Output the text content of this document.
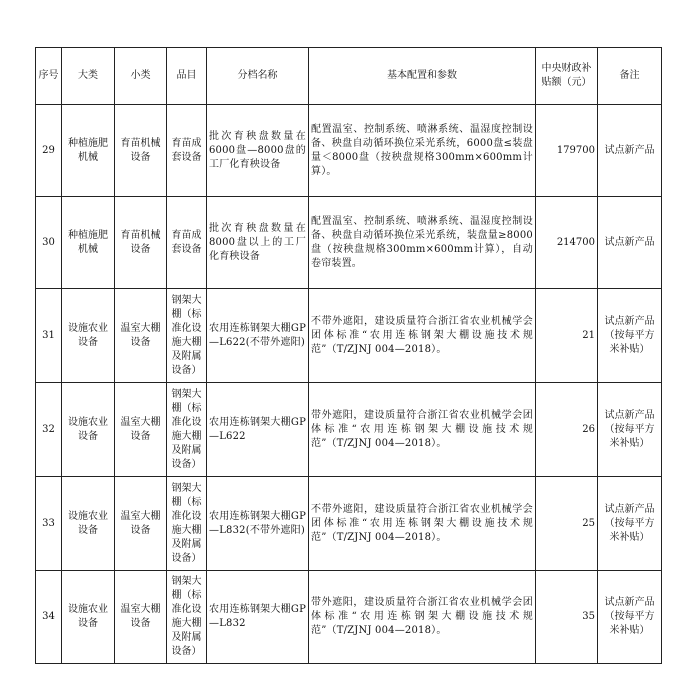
序号	大类	小类	品目	分档名称	基本配置和参数	中央财政补贴额（元）	备注
29	种植施肥机械	育苗机械设备	育苗成套设备	批次育秧盘数量在6000盘—8000盘的工厂化育秧设备	配置温室、控制系统、喷淋系统、温湿度控制设备、秧盘自动循环换位采光系统，6000盘≤装盘量＜8000盘（按秧盘规格300mm×600mm计算）。	179700	试点新产品
30	种植施肥机械	育苗机械设备	育苗成套设备	批次育秧盘数量在8000盘以上的工厂化育秧设备	配置温室、控制系统、喷淋系统、温湿度控制设备、秧盘自动循环换位采光系统，装盘量≥8000盘（按秧盘规格300mm×600mm计算），自动卷帘装置。	214700	试点新产品
31	设施农业设备	温室大棚设备	钢架大棚（标准化设施大棚及附属设备）	农用连栋钢架大棚GP—L622(不带外遮阳)	不带外遮阳，建设质量符合浙江省农业机械学会团体标准“农用连栋钢架大棚设施技术规范”（T/ZJNJ 004—2018）。	21	试点新产品（按每平方米补贴）
32	设施农业设备	温室大棚设备	钢架大棚（标准化设施大棚及附属设备）	农用连栋钢架大棚GP—L622	带外遮阳，建设质量符合浙江省农业机械学会团体标准“农用连栋钢架大棚设施技术规范”（T/ZJNJ 004—2018）。	26	试点新产品（按每平方米补贴）
33	设施农业设备	温室大棚设备	钢架大棚（标准化设施大棚及附属设备）	农用连栋钢架大棚GP—L832(不带外遮阳)	不带外遮阳，建设质量符合浙江省农业机械学会团体标准“农用连栋钢架大棚设施技术规范”（T/ZJNJ 004—2018）。	25	试点新产品（按每平方米补贴）
34	设施农业设备	温室大棚设备	钢架大棚（标准化设施大棚及附属设备）	农用连栋钢架大棚GP—L832	带外遮阳，建设质量符合浙江省农业机械学会团体标准“农用连栋钢架大棚设施技术规范”（T/ZJNJ 004—2018）。	35	试点新产品（按每平方米补贴）
